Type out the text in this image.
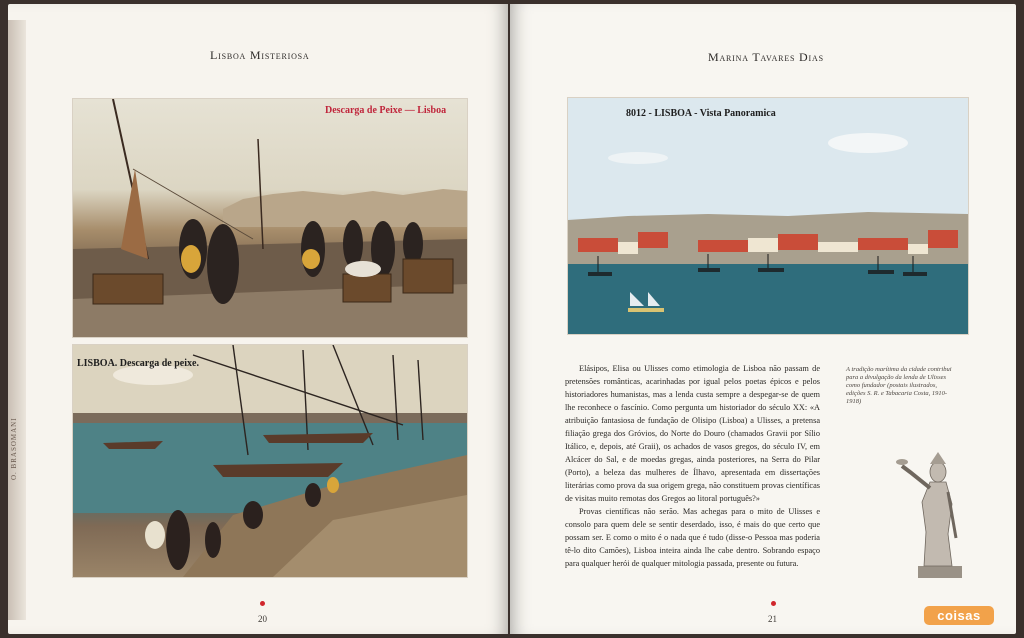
O. BRASOMANI
Lisboa Misteriosa
Descarga de Peixe — Lisboa
LISBOA. Descarga de peixe.
20
Marina Tavares Dias
8012 - LISBOA - Vista Panoramica

Elásipos, Elisa ou Ulisses como etimologia de Lisboa não passam de pretensões românticas, acarinhadas por igual pelos poetas épicos e pelos historiadores humanistas, mas a lenda custa sempre a despegar-se de quem lhe reconhece o fascínio. Como pergunta um historiador do século XX: «A atribuição fantasiosa de fundação de Olisipo (Lisboa) a Ulisses, a pretensa filiação grega dos Gróvios, do Norte do Douro (chamados Gravii por Sílio Itálico, e, depois, até Graii), os achados de vasos gregos, do século IV, em Alcácer do Sal, e de moedas gregas, ainda posteriores, na Serra do Pilar (Porto), a beleza das mulheres de Ílhavo, apresentada em dissertações literárias como prova da sua origem grega, não constituem provas científicas de visitas muito remotas dos Gregos ao litoral português?»

Provas científicas não serão. Mas achegas para o mito de Ulisses e consolo para quem dele se sentir deserdado, isso, é mais do que certo que possam ser. E como o mito é o nada que é tudo (disse-o Pessoa mas poderia tê-lo dito Camões), Lisboa inteira ainda lhe cabe dentro. Sobrando espaço para qualquer herói de qualquer mitologia passada, presente ou futura.

A tradição marítima da cidade contribui para a divulgação da lenda de Ulisses como fundador (postais ilustrados, edições S. R. e Tabacaria Costa, 1910-1918)
21	coisas
